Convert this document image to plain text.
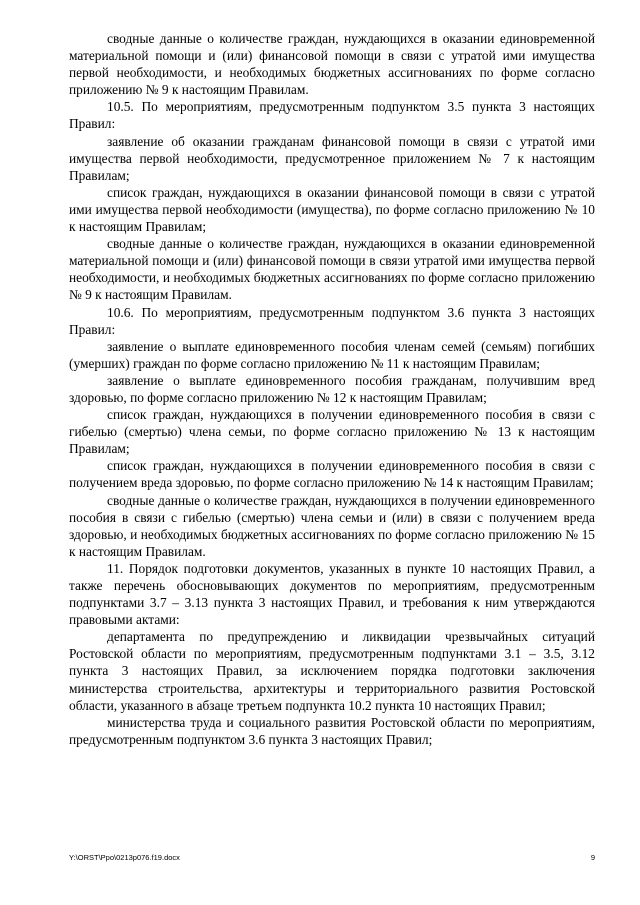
сводные данные о количестве граждан, нуждающихся в оказании единовременной материальной помощи и (или) финансовой помощи в связи с утратой ими имущества первой необходимости, и необходимых бюджетных ассигнованиях по форме согласно приложению № 9 к настоящим Правилам.

10.5. По мероприятиям, предусмотренным подпунктом 3.5 пункта 3 настоящих Правил:

заявление об оказании гражданам финансовой помощи в связи с утратой ими имущества первой необходимости, предусмотренное приложением № 7 к настоящим Правилам;

список граждан, нуждающихся в оказании финансовой помощи в связи с утратой ими имущества первой необходимости (имущества), по форме согласно приложению № 10 к настоящим Правилам;

сводные данные о количестве граждан, нуждающихся в оказании единовременной материальной помощи и (или) финансовой помощи в связи утратой ими имущества первой необходимости, и необходимых бюджетных ассигнованиях по форме согласно приложению № 9 к настоящим Правилам.

10.6. По мероприятиям, предусмотренным подпунктом 3.6 пункта 3 настоящих Правил:

заявление о выплате единовременного пособия членам семей (семьям) погибших (умерших) граждан по форме согласно приложению № 11 к настоящим Правилам;

заявление о выплате единовременного пособия гражданам, получившим вред здоровью, по форме согласно приложению № 12 к настоящим Правилам;

список граждан, нуждающихся в получении единовременного пособия в связи с гибелью (смертью) члена семьи, по форме согласно приложению № 13 к настоящим Правилам;

список граждан, нуждающихся в получении единовременного пособия в связи с получением вреда здоровью, по форме согласно приложению № 14 к настоящим Правилам;

сводные данные о количестве граждан, нуждающихся в получении единовременного пособия в связи с гибелью (смертью) члена семьи и (или) в связи с получением вреда здоровью, и необходимых бюджетных ассигнованиях по форме согласно приложению № 15 к настоящим Правилам.

11. Порядок подготовки документов, указанных в пункте 10 настоящих Правил, а также перечень обосновывающих документов по мероприятиям, предусмотренным подпунктами 3.7 – 3.13 пункта 3 настоящих Правил, и требования к ним утверждаются правовыми актами:

департамента по предупреждению и ликвидации чрезвычайных ситуаций Ростовской области по мероприятиям, предусмотренным подпунктами 3.1 – 3.5, 3.12 пункта 3 настоящих Правил, за исключением порядка подготовки заключения министерства строительства, архитектуры и территориального развития Ростовской области, указанного в абзаце третьем подпункта 10.2 пункта 10 настоящих Правил;

министерства труда и социального развития Ростовской области по мероприятиям, предусмотренным подпунктом 3.6 пункта 3 настоящих Правил;

Y:\ORST\Ppo\0213p076.f19.docx	9
